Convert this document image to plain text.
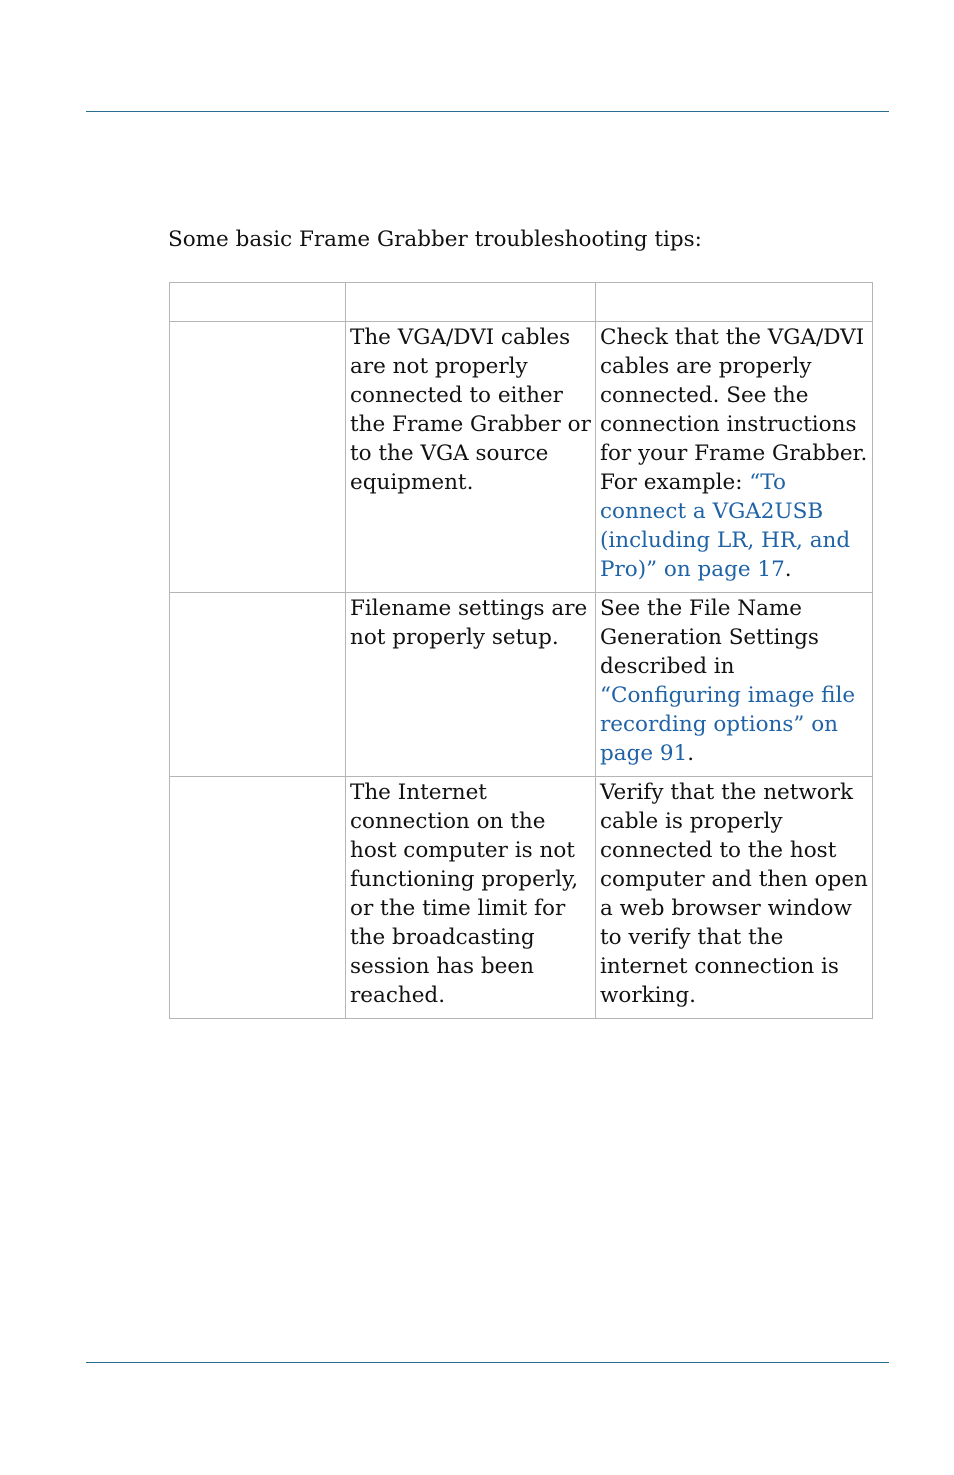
Some basic Frame Grabber troubleshooting tips:

	The VGA/DVI cables are not properly connected to either the Frame Grabber or to the VGA source equipment.	Check that the VGA/DVI cables are properly connected. See the connection instructions for your Frame Grabber. For example: “To connect a VGA2USB (including LR, HR, and Pro)” on page 17.
	Filename settings are not properly setup.	See the File Name Generation Settings described in “Configuring image file recording options” on page 91.
	The Internet connection on the host computer is not functioning properly, or the time limit for the broadcasting session has been reached.	Verify that the network cable is properly connected to the host computer and then open a web browser window to verify that the internet connection is working.
